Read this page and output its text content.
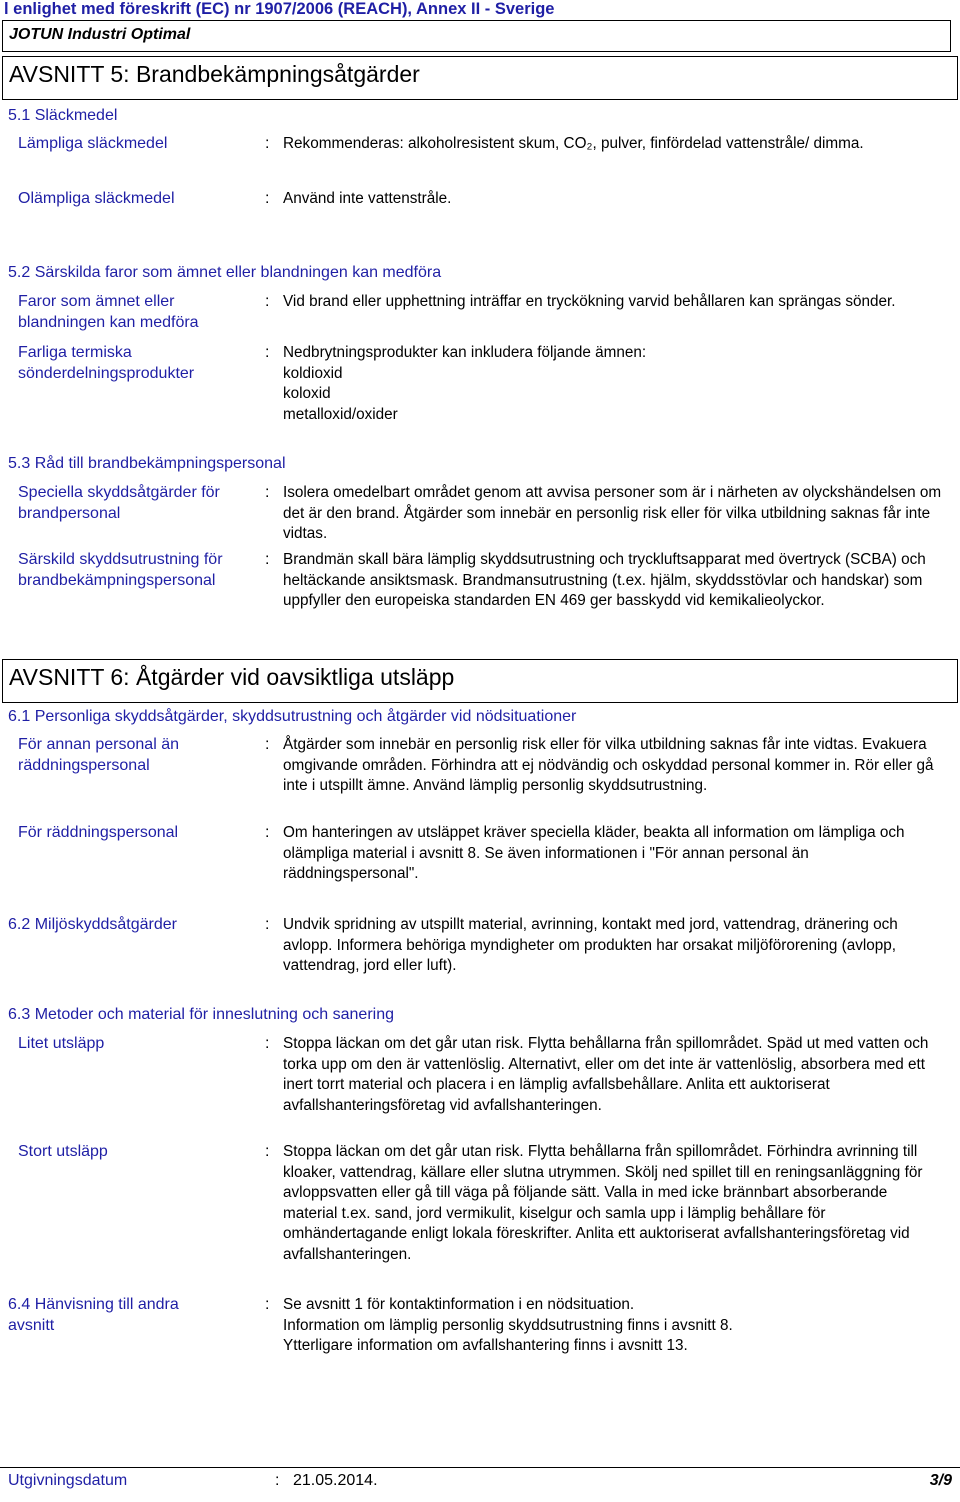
l enlighet med föreskrift (EC) nr 1907/2006 (REACH), Annex II - Sverige
JOTUN Industri Optimal
AVSNITT 5: Brandbekämpningsåtgärder
5.1 Släckmedel
Lämpliga släckmedel	: Rekommenderas: alkoholresistent skum, CO₂, pulver, finfördelad vattenstråle/ dimma.
Olämpliga släckmedel	: Använd inte vattenstråle.
5.2 Särskilda faror som ämnet eller blandningen kan medföra
Faror som ämnet eller blandningen kan medföra
: Vid brand eller upphettning inträffar en tryckökning varvid behållaren kan sprängas sönder.
Farliga termiska sönderdelningsprodukter
: Nedbrytningsprodukter kan inkludera följande ämnen:
koldioxid
koloxid
metalloxid/oxider
5.3 Råd till brandbekämpningspersonal
Speciella skyddsåtgärder för brandpersonal
: Isolera omedelbart området genom att avvisa personer som är i närheten av olyckshändelsen om det är den brand. Åtgärder som innebär en personlig risk eller för vilka utbildning saknas får inte vidtas.
Särskild skyddsutrustning för brandbekämpningspersonal
: Brandmän skall bära lämplig skyddsutrustning och tryckluftsapparat med övertryck (SCBA) och heltäckande ansiktsmask. Brandmansutrustning (t.ex. hjälm, skyddsstövlar och handskar) som uppfyller den europeiska standarden EN 469 ger basskydd vid kemikalieolyckor.
AVSNITT 6: Åtgärder vid oavsiktliga utsläpp
6.1 Personliga skyddsåtgärder, skyddsutrustning och åtgärder vid nödsituationer
För annan personal än räddningspersonal
: Åtgärder som innebär en personlig risk eller för vilka utbildning saknas får inte vidtas. Evakuera omgivande områden. Förhindra att ej nödvändig och oskyddad personal kommer in. Rör eller gå inte i utspillt ämne. Använd lämplig personlig skyddsutrustning.
För räddningspersonal	: Om hanteringen av utsläppet kräver speciella kläder, beakta all information om lämpliga och olämpliga material i avsnitt 8. Se även informationen i "För annan personal än räddningspersonal".
6.2 Miljöskyddsåtgärder	: Undvik spridning av utspillt material, avrinning, kontakt med jord, vattendrag, dränering och avlopp. Informera behöriga myndigheter om produkten har orsakat miljöförorening (avlopp, vattendrag, jord eller luft).
6.3 Metoder och material för inneslutning och sanering
Litet utsläpp	: Stoppa läckan om det går utan risk. Flytta behållarna från spillområdet. Späd ut med vatten och torka upp om den är vattenlöslig. Alternativt, eller om det inte är vattenlöslig, absorbera med ett inert torrt material och placera i en lämplig avfallsbehållare. Anlita ett auktoriserat avfallshanteringsföretag vid avfallshanteringen.
Stort utsläpp	: Stoppa läckan om det går utan risk. Flytta behållarna från spillområdet. Förhindra avrinning till kloaker, vattendrag, källare eller slutna utrymmen. Skölj ned spillet till en reningsanläggning för avloppsvatten eller gå till väga på följande sätt. Valla in med icke brännbart absorberande material t.ex. sand, jord vermikulit, kiselgur och samla upp i lämplig behållare för omhändertagande enligt lokala föreskrifter. Anlita ett auktoriserat avfallshanteringsföretag vid avfallshanteringen.
6.4 Hänvisning till andra avsnitt
: Se avsnitt 1 för kontaktinformation i en nödsituation.
Information om lämplig personlig skyddsutrustning finns i avsnitt 8.
Ytterligare information om avfallshantering finns i avsnitt 13.
Utgivningsdatum	: 21.05.2014.	3/9
